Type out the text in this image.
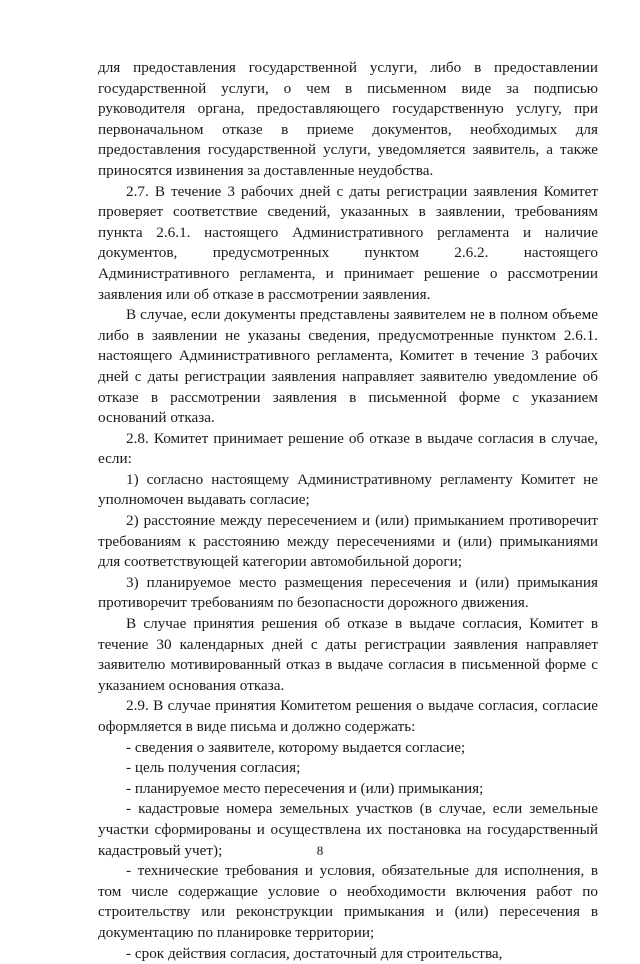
для предоставления государственной услуги, либо в предоставлении государственной услуги, о чем в письменном виде за подписью руководителя органа, предоставляющего государственную услугу, при первоначальном отказе в приеме документов, необходимых для предоставления государственной услуги, уведомляется заявитель, а также приносятся извинения за доставленные неудобства.

2.7. В течение 3 рабочих дней с даты регистрации заявления Комитет проверяет соответствие сведений, указанных в заявлении, требованиям пункта 2.6.1. настоящего Административного регламента и наличие документов, предусмотренных пунктом 2.6.2. настоящего Административного регламента, и принимает решение о рассмотрении заявления или об отказе в рассмотрении заявления.

В случае, если документы представлены заявителем не в полном объеме либо в заявлении не указаны сведения, предусмотренные пунктом 2.6.1. настоящего Административного регламента, Комитет в течение 3 рабочих дней с даты регистрации заявления направляет заявителю уведомление об отказе в рассмотрении заявления в письменной форме с указанием оснований отказа.

2.8. Комитет принимает решение об отказе в выдаче согласия в случае, если:

1) согласно настоящему Административному регламенту Комитет не уполномочен выдавать согласие;

2) расстояние между пересечением и (или) примыканием противоречит требованиям к расстоянию между пересечениями и (или) примыканиями для соответствующей категории автомобильной дороги;

3) планируемое место размещения пересечения и (или) примыкания противоречит требованиям по безопасности дорожного движения.

В случае принятия решения об отказе в выдаче согласия, Комитет в течение 30 календарных дней с даты регистрации заявления направляет заявителю мотивированный отказ в выдаче согласия в письменной форме с указанием основания отказа.

2.9. В случае принятия Комитетом решения о выдаче согласия, согласие оформляется в виде письма и должно содержать:

- сведения о заявителе, которому выдается согласие;

- цель получения согласия;

- планируемое место пересечения и (или) примыкания;

- кадастровые номера земельных участков (в случае, если земельные участки сформированы и осуществлена их постановка на государственный кадастровый учет);

- технические требования и условия, обязательные для исполнения, в том числе содержащие условие о необходимости включения работ по строительству или реконструкции примыкания и (или) пересечения в документацию по планировке территории;

- срок действия согласия, достаточный для строительства,

8
